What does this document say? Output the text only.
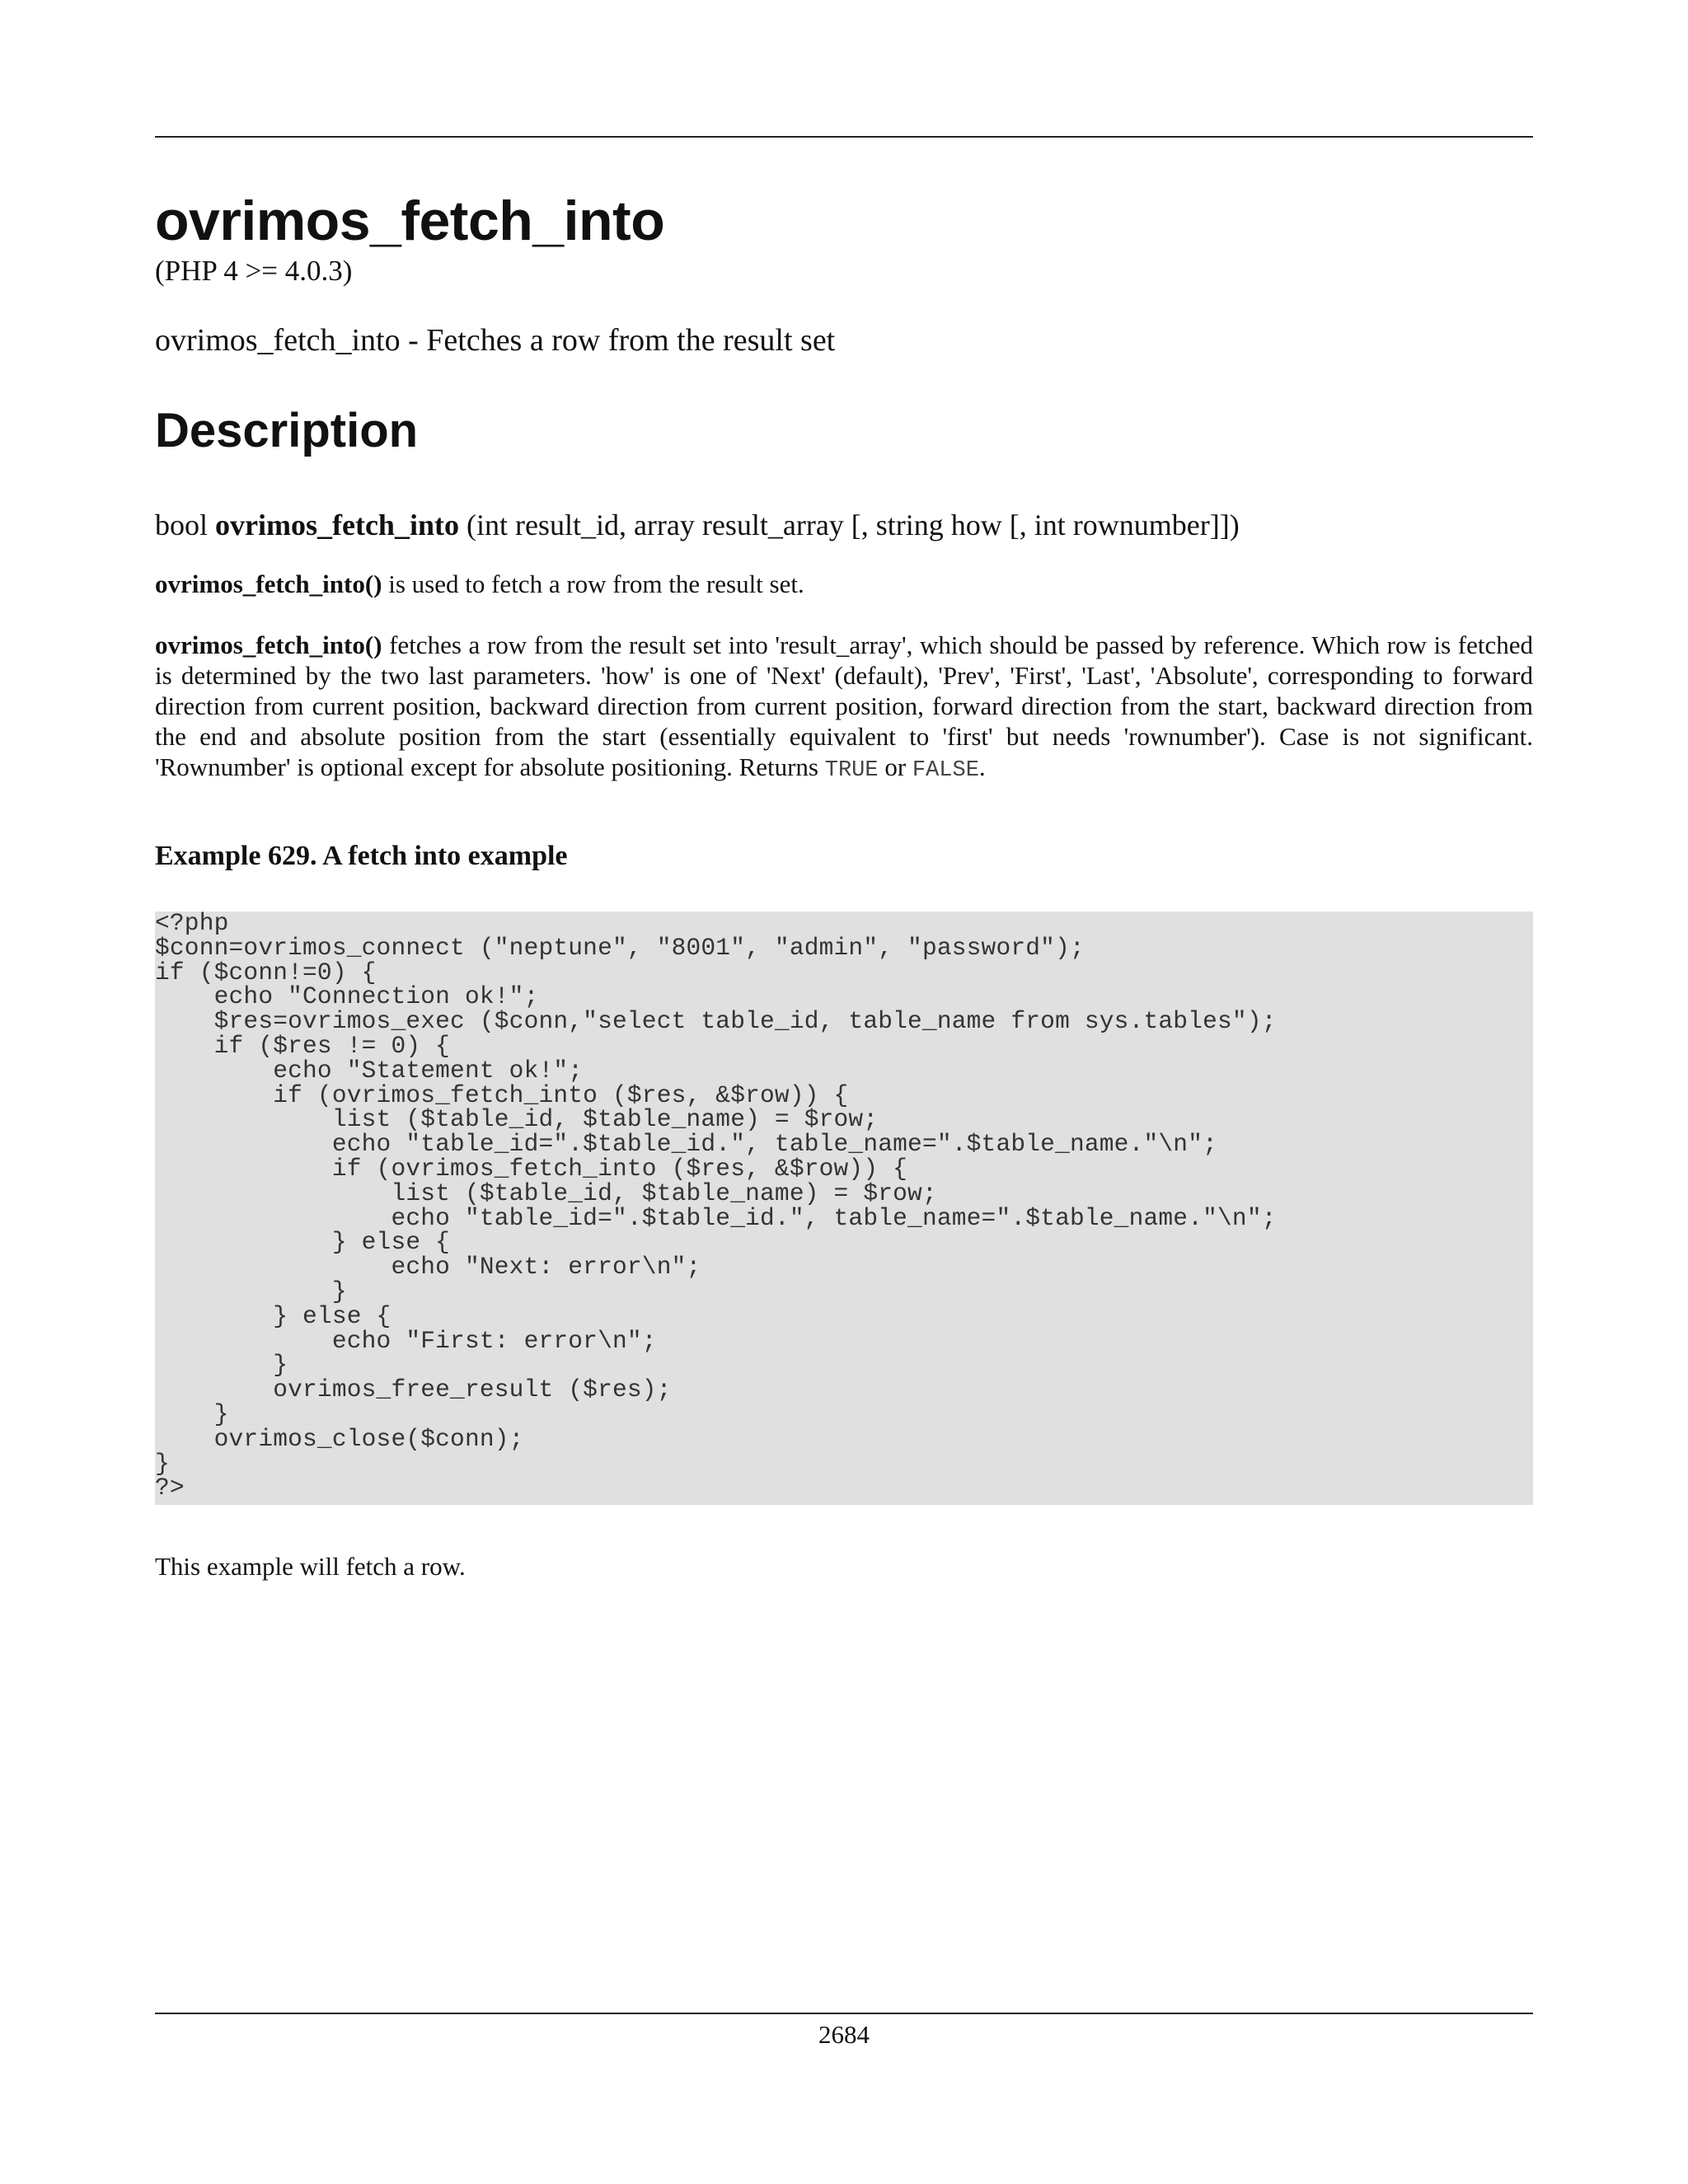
ovrimos_fetch_into
(PHP 4 >= 4.0.3)
ovrimos_fetch_into - Fetches a row from the result set
Description
bool ovrimos_fetch_into (int result_id, array result_array [, string how [, int rownumber]])

ovrimos_fetch_into() is used to fetch a row from the result set.

ovrimos_fetch_into() fetches a row from the result set into 'result_array', which should be passed by reference. Which row is fetched is determined by the two last parameters. 'how' is one of 'Next' (default), 'Prev', 'First', 'Last', 'Absolute', corresponding to forward direction from current position, backward direction from current position, forward direction from the start, backward direction from the end and absolute position from the start (essentially equivalent to 'first' but needs 'rownumber'). Case is not significant. 'Rownumber' is optional except for absolute positioning. Returns TRUE or FALSE.

Example 629. A fetch into example
<?php
$conn=ovrimos_connect ("neptune", "8001", "admin", "password");
if ($conn!=0) {
echo "Connection ok!";
$res=ovrimos_exec ($conn,"select table_id, table_name from sys.tables");
if ($res != 0) {
echo "Statement ok!";
if (ovrimos_fetch_into ($res, &$row)) {
list ($table_id, $table_name) = $row;
echo "table_id=".$table_id.", table_name=".$table_name."\n";
if (ovrimos_fetch_into ($res, &$row)) {
list ($table_id, $table_name) = $row;
echo "table_id=".$table_id.", table_name=".$table_name."\n";
} else {
echo "Next: error\n";
}
} else {
echo "First: error\n";
}
ovrimos_free_result ($res);
}
ovrimos_close($conn);
}
?>
This example will fetch a row.
2684
